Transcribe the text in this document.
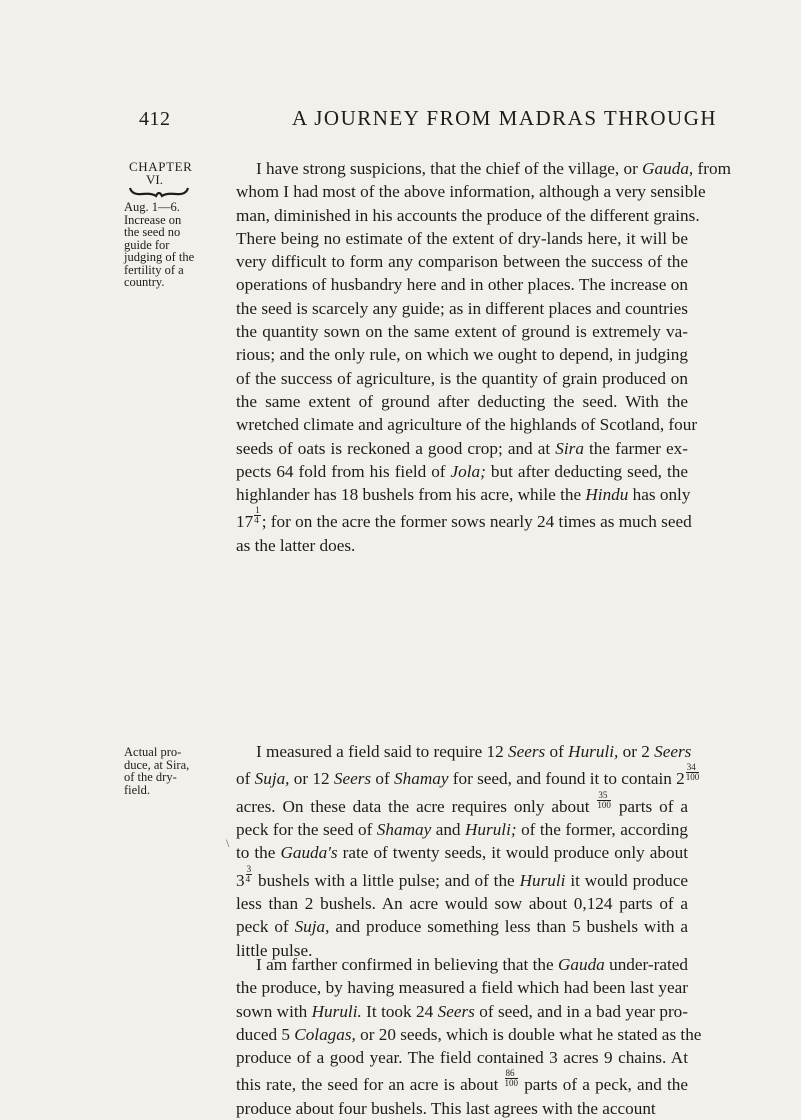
412	A JOURNEY FROM MADRAS THROUGH
CHAPTER
VI.
Aug. 1—6.
Increase on
the seed no
guide for
judging of the
fertility of a
country.
Actual pro-
duce, at Sira,
of the dry-
field.
I have strong suspicions, that the chief of the village, or Gauda, from
whom I had most of the above information, although a very sensible
man, diminished in his accounts the produce of the different grains.
There being no estimate of the extent of dry-lands here, it will be
very difficult to form any comparison between the success of the
operations of husbandry here and in other places. The increase on
the seed is scarcely any guide; as in different places and countries
the quantity sown on the same extent of ground is extremely va-
rious; and the only rule, on which we ought to depend, in judging
of the success of agriculture, is the quantity of grain produced on
the same extent of ground after deducting the seed. With the
wretched climate and agriculture of the highlands of Scotland, four
seeds of oats is reckoned a good crop; and at Sira the farmer ex-
pects 64 fold from his field of Jola; but after deducting seed, the
highlander has 18 bushels from his acre, while the Hindu has only
$17 \frac{1}{4}$ ; for on the acre the former sows nearly 24 times as much seed
as the latter does.
I measured a field said to require 12 Seers of Huruli, or 2 Seers
of Suja, or 12 Seers of Shamay for seed, and found it to contain $2 \frac{34}{100}$
acres. On these data the acre requires only about $\frac{35}{100}$ parts of a
peck for the seed of Shamay and Huruli; of the former, according
to the Gauda's rate of twenty seeds, it would produce only about
$3 \frac{3}{4}$ bushels with a little pulse; and of the Huruli it would produce
less than 2 bushels. An acre would sow about 0,124 parts of a
peck of Suja, and produce something less than 5 bushels with a
little pulse.
I am farther confirmed in believing that the Gauda under-rated
the produce, by having measured a field which had been last year
sown with Huruli. It took 24 Seers of seed, and in a bad year pro-
duced 5 Colagas, or 20 seeds, which is double what he stated as the
produce of a good year. The field contained 3 acres 9 chains. At
this rate, the seed for an acre is about $\frac{86}{100}$ parts of a peck, and the
produce about four bushels. This last agrees with the account
\
